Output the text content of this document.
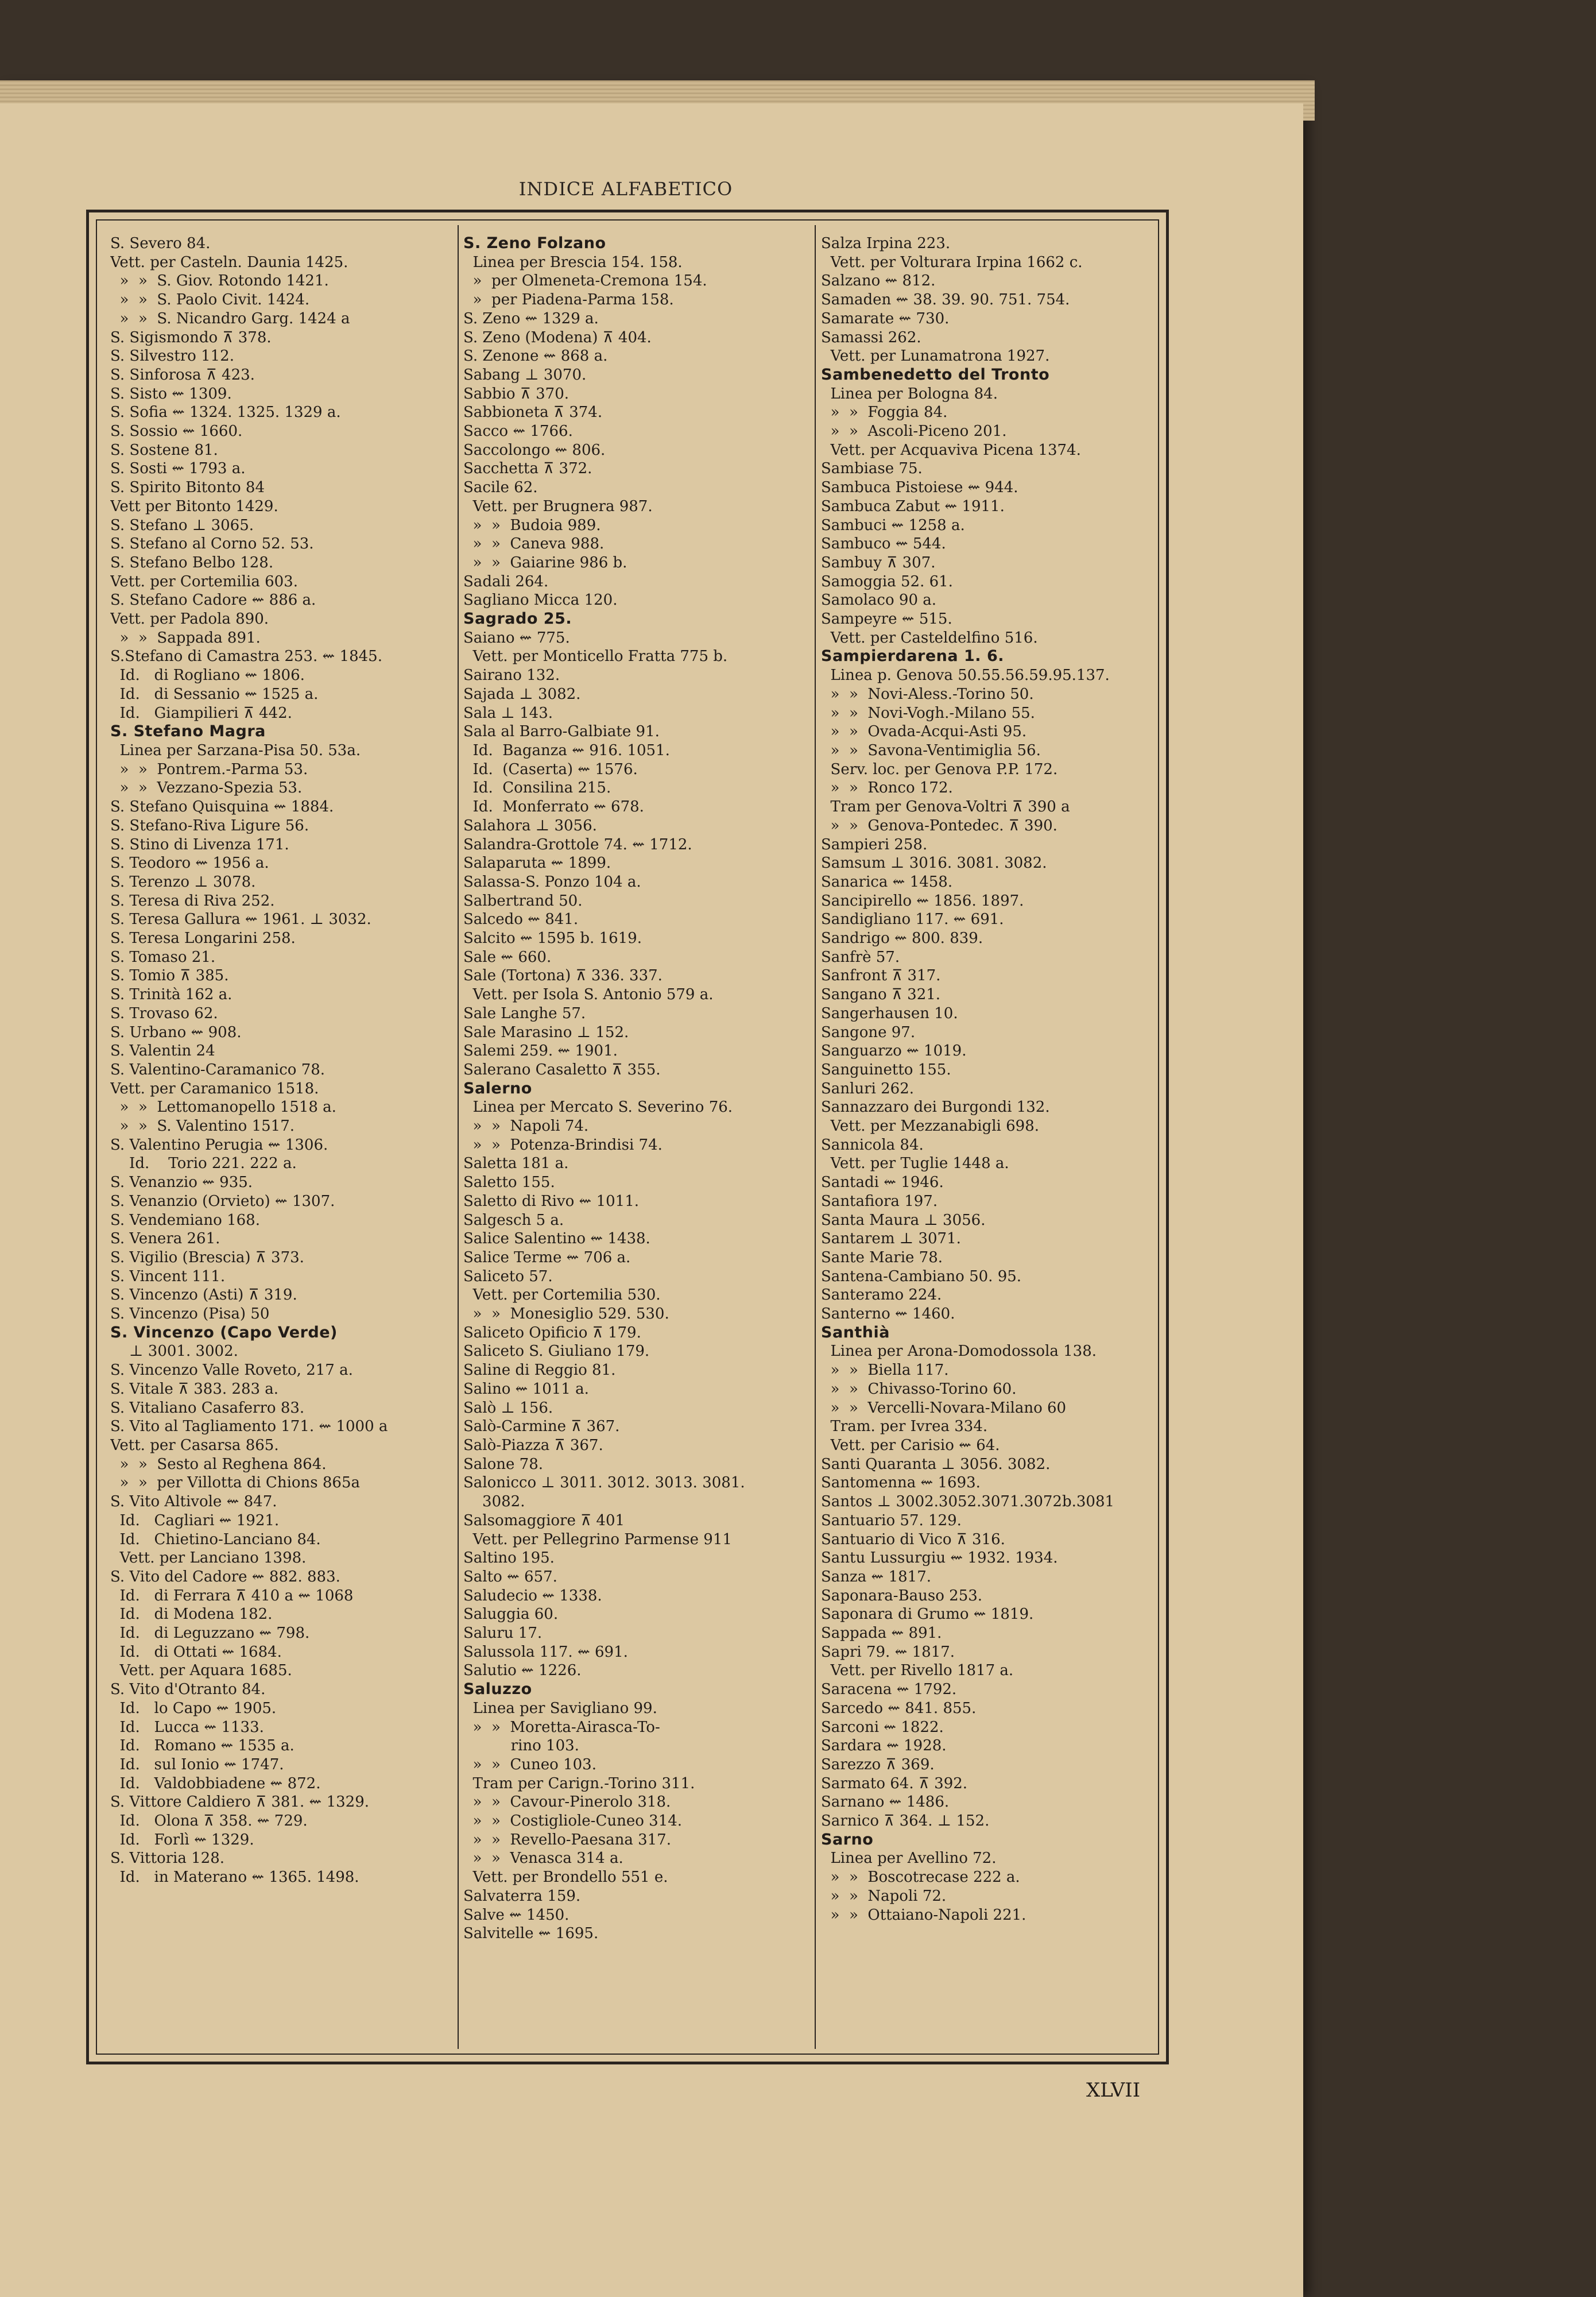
INDICE ALFABETICO
S. Severo 84.
Vett. per Casteln. Daunia 1425.
»  »  S. Giov. Rotondo 1421.
»  »  S. Paolo Civit. 1424.
»  »  S. Nicandro Garg. 1424 a
S. Sigismondo ⊼ 378.
S. Silvestro 112.
S. Sinforosa ⊼ 423.
S. Sisto ⇜ 1309.
S. Sofia ⇜ 1324. 1325. 1329 a.
S. Sossio ⇜ 1660.
S. Sostene 81.
S. Sosti ⇜ 1793 a.
S. Spirito Bitonto 84
Vett per Bitonto 1429.
S. Stefano ⊥ 3065.
S. Stefano al Corno 52. 53.
S. Stefano Belbo 128.
Vett. per Cortemilia 603.
S. Stefano Cadore ⇜ 886 a.
Vett. per Padola 890.
»  »  Sappada 891.
S.Stefano di Camastra 253. ⇜ 1845.
Id.   di Rogliano ⇜ 1806.
Id.   di Sessanio ⇜ 1525 a.
Id.   Giampilieri ⊼ 442.
S. Stefano Magra
Linea per Sarzana-Pisa 50. 53a.
»  »  Pontrem.-Parma 53.
»  »  Vezzano-Spezia 53.
S. Stefano Quisquina ⇜ 1884.
S. Stefano-Riva Ligure 56.
S. Stino di Livenza 171.
S. Teodoro ⇜ 1956 a.
S. Terenzo ⊥ 3078.
S. Teresa di Riva 252.
S. Teresa Gallura ⇜ 1961. ⊥ 3032.
S. Teresa Longarini 258.
S. Tomaso 21.
S. Tomio ⊼ 385.
S. Trinità 162 a.
S. Trovaso 62.
S. Urbano ⇜ 908.
S. Valentin 24
S. Valentino-Caramanico 78.
Vett. per Caramanico 1518.
»  »  Lettomanopello 1518 a.
»  »  S. Valentino 1517.
S. Valentino Perugia ⇜ 1306.
Id.    Torio 221. 222 a.
S. Venanzio ⇜ 935.
S. Venanzio (Orvieto) ⇜ 1307.
S. Vendemiano 168.
S. Venera 261.
S. Vigilio (Brescia) ⊼ 373.
S. Vincent 111.
S. Vincenzo (Asti) ⊼ 319.
S. Vincenzo (Pisa) 50
S. Vincenzo (Capo Verde)
⊥ 3001. 3002.
S. Vincenzo Valle Roveto, 217 a.
S. Vitale ⊼ 383. 283 a.
S. Vitaliano Casaferro 83.
S. Vito al Tagliamento 171. ⇜ 1000 a
Vett. per Casarsa 865.
»  »  Sesto al Reghena 864.
»  »  per Villotta di Chions 865a
S. Vito Altivole ⇜ 847.
Id.   Cagliari ⇜ 1921.
Id.   Chietino-Lanciano 84.
Vett. per Lanciano 1398.
S. Vito del Cadore ⇜ 882. 883.
Id.   di Ferrara ⊼ 410 a ⇜ 1068
Id.   di Modena 182.
Id.   di Leguzzano ⇜ 798.
Id.   di Ottati ⇜ 1684.
Vett. per Aquara 1685.
S. Vito d'Otranto 84.
Id.   lo Capo ⇜ 1905.
Id.   Lucca ⇜ 1133.
Id.   Romano ⇜ 1535 a.
Id.   sul Ionio ⇜ 1747.
Id.   Valdobbiadene ⇜ 872.
S. Vittore Caldiero ⊼ 381. ⇜ 1329.
Id.   Olona ⊼ 358. ⇜ 729.
Id.   Forlì ⇜ 1329.
S. Vittoria 128.
Id.   in Materano ⇜ 1365. 1498.
S. Zeno Folzano
Linea per Brescia 154. 158.
»  per Olmeneta-Cremona 154.
»  per Piadena-Parma 158.
S. Zeno ⇜ 1329 a.
S. Zeno (Modena) ⊼ 404.
S. Zenone ⇜ 868 a.
Sabang ⊥ 3070.
Sabbio ⊼ 370.
Sabbioneta ⊼ 374.
Sacco ⇜ 1766.
Saccolongo ⇜ 806.
Sacchetta ⊼ 372.
Sacile 62.
Vett. per Brugnera 987.
»  »  Budoia 989.
»  »  Caneva 988.
»  »  Gaiarine 986 b.
Sadali 264.
Sagliano Micca 120.
Sagrado 25.
Saiano ⇜ 775.
Vett. per Monticello Fratta 775 b.
Sairano 132.
Sajada ⊥ 3082.
Sala ⊥ 143.
Sala al Barro-Galbiate 91.
Id.  Baganza ⇜ 916. 1051.
Id.  (Caserta) ⇜ 1576.
Id.  Consilina 215.
Id.  Monferrato ⇜ 678.
Salahora ⊥ 3056.
Salandra-Grottole 74. ⇜ 1712.
Salaparuta ⇜ 1899.
Salassa-S. Ponzo 104 a.
Salbertrand 50.
Salcedo ⇜ 841.
Salcito ⇜ 1595 b. 1619.
Sale ⇜ 660.
Sale (Tortona) ⊼ 336. 337.
Vett. per Isola S. Antonio 579 a.
Sale Langhe 57.
Sale Marasino ⊥ 152.
Salemi 259. ⇜ 1901.
Salerano Casaletto ⊼ 355.
Salerno
Linea per Mercato S. Severino 76.
»  »  Napoli 74.
»  »  Potenza-Brindisi 74.
Saletta 181 a.
Saletto 155.
Saletto di Rivo ⇜ 1011.
Salgesch 5 a.
Salice Salentino ⇜ 1438.
Salice Terme ⇜ 706 a.
Saliceto 57.
Vett. per Cortemilia 530.
»  »  Monesiglio 529. 530.
Saliceto Opificio ⊼ 179.
Saliceto S. Giuliano 179.
Saline di Reggio 81.
Salino ⇜ 1011 a.
Salò ⊥ 156.
Salò-Carmine ⊼ 367.
Salò-Piazza ⊼ 367.
Salone 78.
Salonicco ⊥ 3011. 3012. 3013. 3081.
3082.
Salsomaggiore ⊼ 401
Vett. per Pellegrino Parmense 911
Saltino 195.
Salto ⇜ 657.
Saludecio ⇜ 1338.
Saluggia 60.
Saluru 17.
Salussola 117. ⇜ 691.
Salutio ⇜ 1226.
Saluzzo
Linea per Savigliano 99.
»  »  Moretta-Airasca-To-
rino 103.
»  »  Cuneo 103.
Tram per Carign.-Torino 311.
»  »  Cavour-Pinerolo 318.
»  »  Costigliole-Cuneo 314.
»  »  Revello-Paesana 317.
»  »  Venasca 314 a.
Vett. per Brondello 551 e.
Salvaterra 159.
Salve ⇜ 1450.
Salvitelle ⇜ 1695.
Salza Irpina 223.
Vett. per Volturara Irpina 1662 c.
Salzano ⇜ 812.
Samaden ⇜ 38. 39. 90. 751. 754.
Samarate ⇜ 730.
Samassi 262.
Vett. per Lunamatrona 1927.
Sambenedetto del Tronto
Linea per Bologna 84.
»  »  Foggia 84.
»  »  Ascoli-Piceno 201.
Vett. per Acquaviva Picena 1374.
Sambiase 75.
Sambuca Pistoiese ⇜ 944.
Sambuca Zabut ⇜ 1911.
Sambuci ⇜ 1258 a.
Sambuco ⇜ 544.
Sambuy ⊼ 307.
Samoggia 52. 61.
Samolaco 90 a.
Sampeyre ⇜ 515.
Vett. per Casteldelfino 516.
Sampierdarena 1. 6.
Linea p. Genova 50.55.56.59.95.137.
»  »  Novi-Aless.-Torino 50.
»  »  Novi-Vogh.-Milano 55.
»  »  Ovada-Acqui-Asti 95.
»  »  Savona-Ventimiglia 56.
Serv. loc. per Genova P.P. 172.
»  »  Ronco 172.
Tram per Genova-Voltri ⊼ 390 a
»  »  Genova-Pontedec. ⊼ 390.
Sampieri 258.
Samsum ⊥ 3016. 3081. 3082.
Sanarica ⇜ 1458.
Sancipirello ⇜ 1856. 1897.
Sandigliano 117. ⇜ 691.
Sandrigo ⇜ 800. 839.
Sanfrè 57.
Sanfront ⊼ 317.
Sangano ⊼ 321.
Sangerhausen 10.
Sangone 97.
Sanguarzo ⇜ 1019.
Sanguinetto 155.
Sanluri 262.
Sannazzaro dei Burgondi 132.
Vett. per Mezzanabigli 698.
Sannicola 84.
Vett. per Tuglie 1448 a.
Santadi ⇜ 1946.
Santafiora 197.
Santa Maura ⊥ 3056.
Santarem ⊥ 3071.
Sante Marie 78.
Santena-Cambiano 50. 95.
Santeramo 224.
Santerno ⇜ 1460.
Santhià
Linea per Arona-Domodossola 138.
»  »  Biella 117.
»  »  Chivasso-Torino 60.
»  »  Vercelli-Novara-Milano 60
Tram. per Ivrea 334.
Vett. per Carisio ⇜ 64.
Santi Quaranta ⊥ 3056. 3082.
Santomenna ⇜ 1693.
Santos ⊥ 3002.3052.3071.3072b.3081
Santuario 57. 129.
Santuario di Vico ⊼ 316.
Santu Lussurgiu ⇜ 1932. 1934.
Sanza ⇜ 1817.
Saponara-Bauso 253.
Saponara di Grumo ⇜ 1819.
Sappada ⇜ 891.
Sapri 79. ⇜ 1817.
Vett. per Rivello 1817 a.
Saracena ⇜ 1792.
Sarcedo ⇜ 841. 855.
Sarconi ⇜ 1822.
Sardara ⇜ 1928.
Sarezzo ⊼ 369.
Sarmato 64. ⊼ 392.
Sarnano ⇜ 1486.
Sarnico ⊼ 364. ⊥ 152.
Sarno
Linea per Avellino 72.
»  »  Boscotrecase 222 a.
»  »  Napoli 72.
»  »  Ottaiano-Napoli 221.
XLVII
